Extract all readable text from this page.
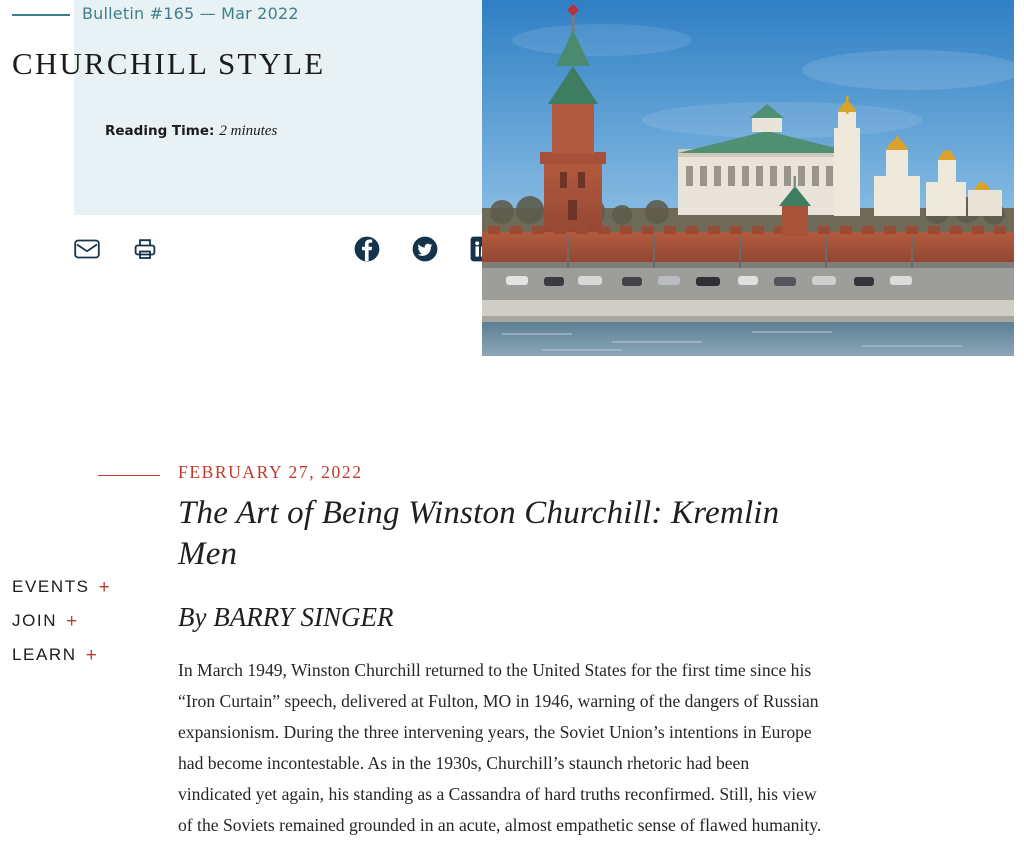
Bulletin #165 — Mar 2022
CHURCHILL STYLE
Reading Time: 2 minutes
EVENTS +
JOIN +
LEARN +
FEBRUARY 27, 2022
The Art of Being Winston Churchill: Kremlin Men
By BARRY SINGER

In March 1949, Winston Churchill returned to the United States for the first time since his “Iron Curtain” speech, delivered at Fulton, MO in 1946, warning of the dangers of Russian expansionism. During the three intervening years, the Soviet Union’s intentions in Europe had become incontestable. As in the 1930s, Churchill’s staunch rhetoric had been vindicated yet again, his standing as a Cassandra of hard truths reconfirmed. Still, his view of the Soviets remained grounded in an acute, almost empathetic sense of flawed humanity.
